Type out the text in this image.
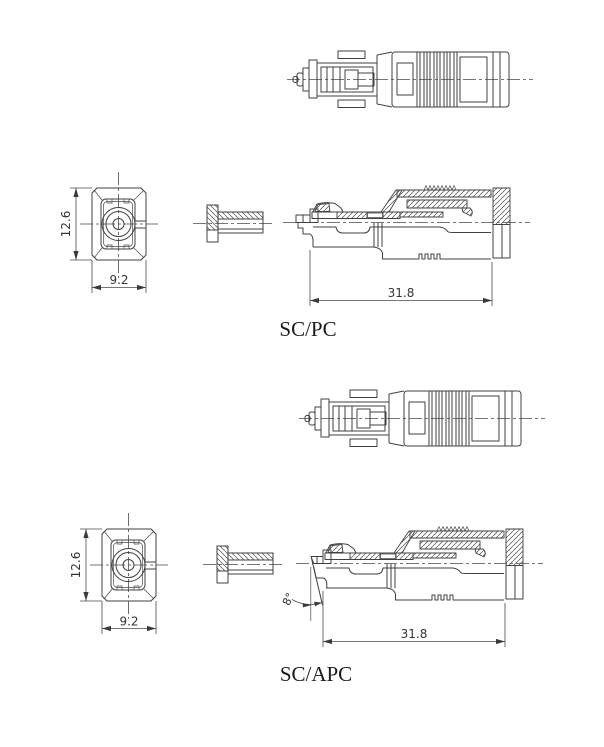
12.6
9.2
31.8
SC/PC
8°
12.6
9.2
31.8
SC/APC
